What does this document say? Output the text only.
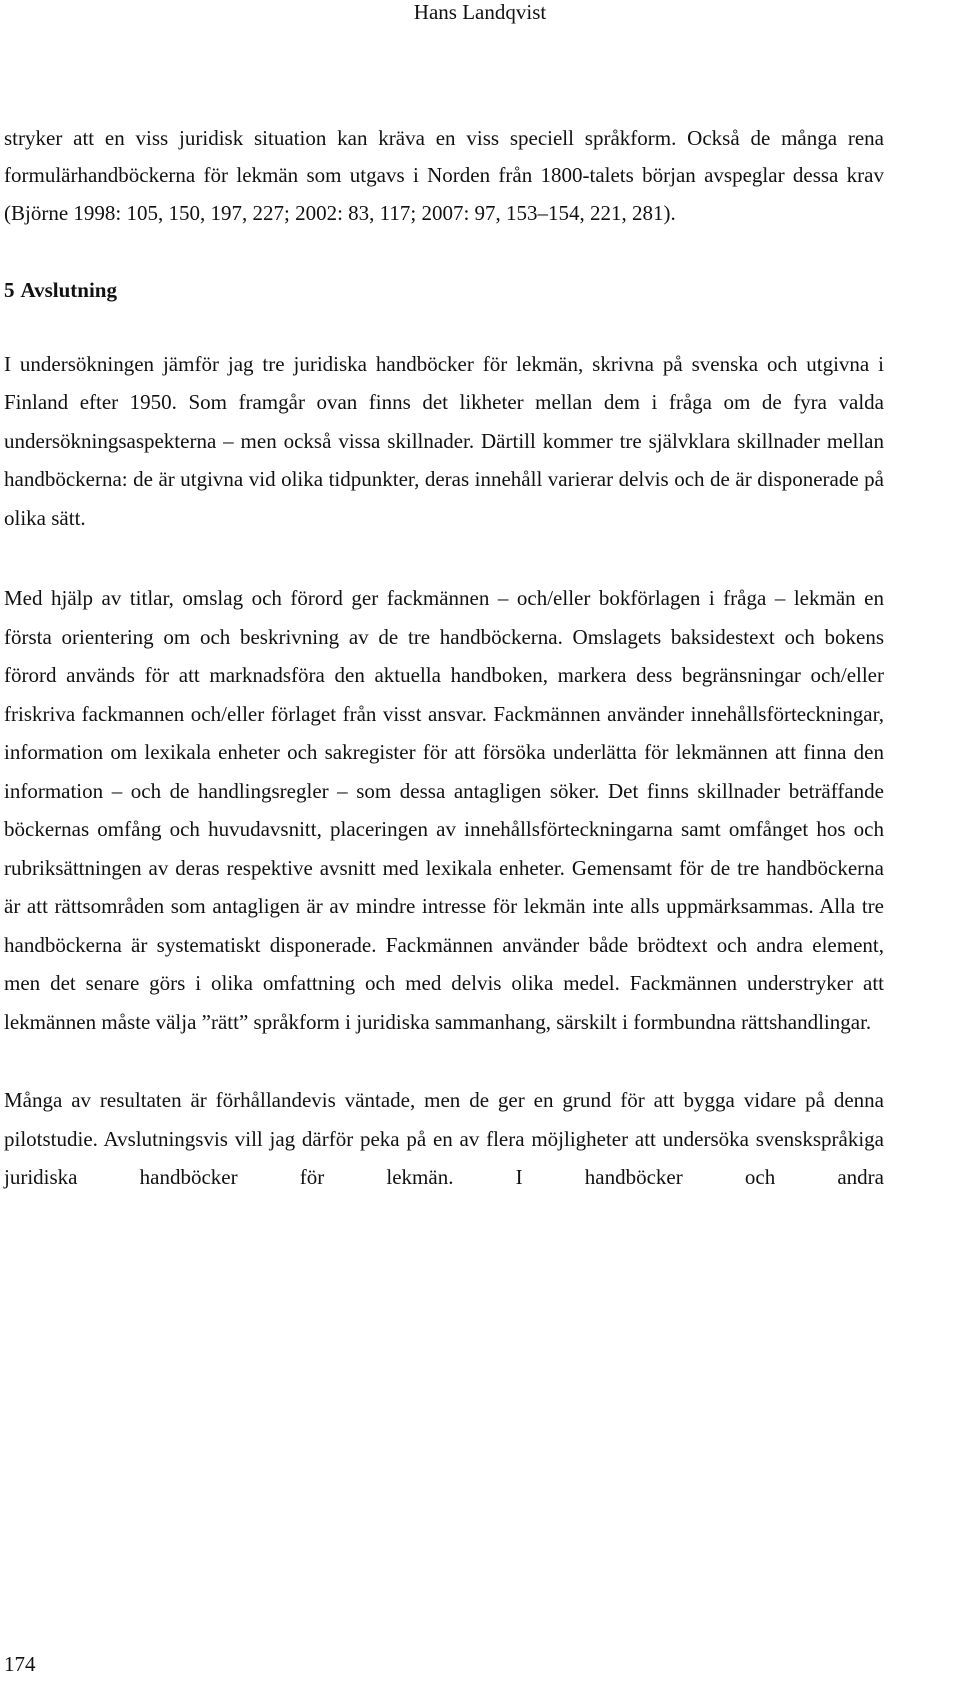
Hans Landqvist

stryker att en viss juridisk situation kan kräva en viss speciell språkform. Också de många rena formulärhandböckerna för lekmän som utgavs i Norden från 1800-talets början avspeglar dessa krav (Björne 1998: 105, 150, 197, 227; 2002: 83, 117; 2007: 97, 153–154, 221, 281).

5 Avslutning

I undersökningen jämför jag tre juridiska handböcker för lekmän, skrivna på svenska och utgivna i Finland efter 1950. Som framgår ovan finns det likheter mellan dem i fråga om de fyra valda undersökningsaspekterna – men också vissa skillnader. Därtill kommer tre självklara skillnader mellan handböckerna: de är utgivna vid olika tidpunkter, deras innehåll varierar delvis och de är disponerade på olika sätt.

Med hjälp av titlar, omslag och förord ger fackmännen – och/eller bokförlagen i fråga – lekmän en första orientering om och beskrivning av de tre handböckerna. Omslagets baksidestext och bokens förord används för att marknadsföra den aktuella handboken, markera dess begränsningar och/eller friskriva fackmannen och/eller förlaget från visst ansvar. Fackmännen använder innehållsförteckningar, information om lexikala enheter och sakregister för att försöka underlätta för lekmännen att finna den information – och de handlingsregler – som dessa antagligen söker. Det finns skillnader beträffande böckernas omfång och huvudavsnitt, placeringen av innehållsförteckningarna samt omfånget hos och rubriksättningen av deras respektive avsnitt med lexikala enheter. Gemensamt för de tre handböckerna är att rättsområden som antagligen är av mindre intresse för lekmän inte alls uppmärksammas. Alla tre handböckerna är systematiskt disponerade. Fackmännen använder både brödtext och andra element, men det senare görs i olika omfattning och med delvis olika medel. Fackmännen understryker att lekmännen måste välja ”rätt” språkform i juridiska sammanhang, särskilt i formbundna rättshandlingar.

Många av resultaten är förhållandevis väntade, men de ger en grund för att bygga vidare på denna pilotstudie. Avslutningsvis vill jag därför peka på en av flera möjligheter att undersöka svenskspråkiga juridiska handböcker för lekmän. I handböcker och andra

174
